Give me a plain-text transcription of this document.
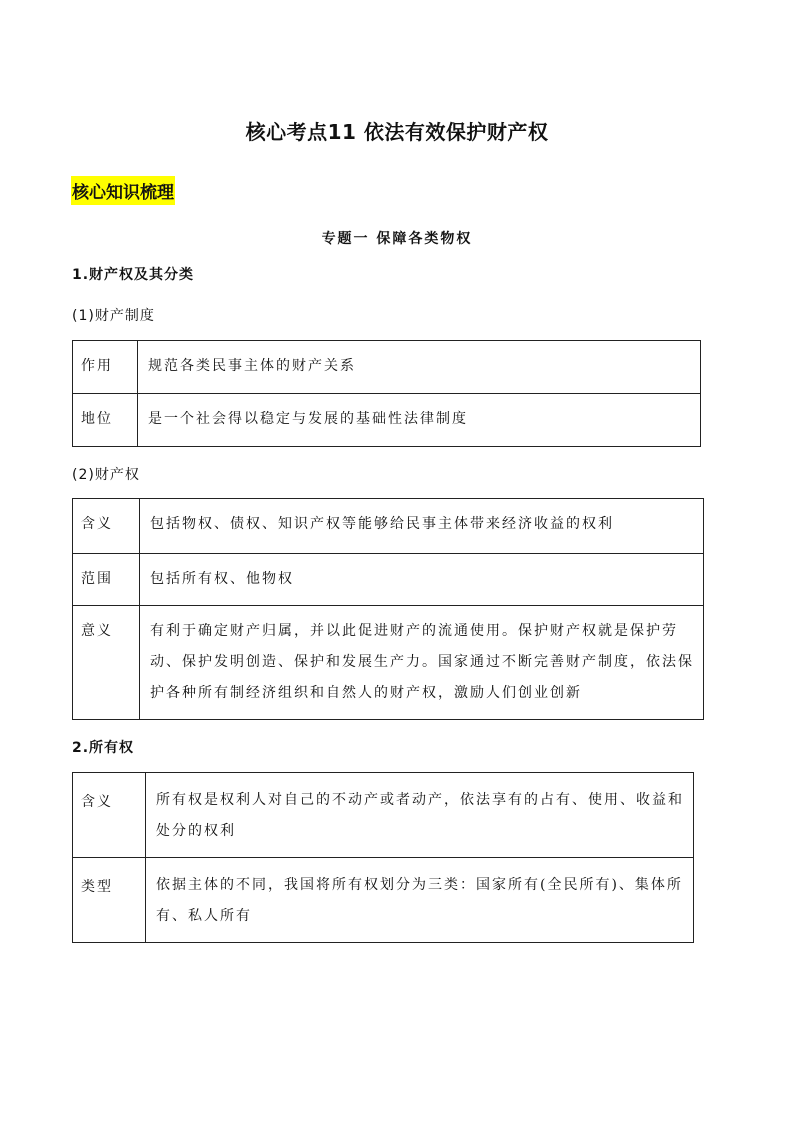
核心考点11 依法有效保护财产权
核心知识梳理
专题一 保障各类物权
1.财产权及其分类
(1)财产制度
作用	规范各类民事主体的财产关系
地位	是一个社会得以稳定与发展的基础性法律制度
(2)财产权
含义	包括物权、债权、知识产权等能够给民事主体带来经济收益的权利
范围	包括所有权、他物权
意义	有利于确定财产归属，并以此促进财产的流通使用。保护财产权就是保护劳动、保护发明创造、保护和发展生产力。国家通过不断完善财产制度，依法保护各种所有制经济组织和自然人的财产权，激励人们创业创新
2.所有权
含义	所有权是权利人对自己的不动产或者动产，依法享有的占有、使用、收益和处分的权利
类型	依据主体的不同，我国将所有权划分为三类：国家所有(全民所有)、集体所有、私人所有
